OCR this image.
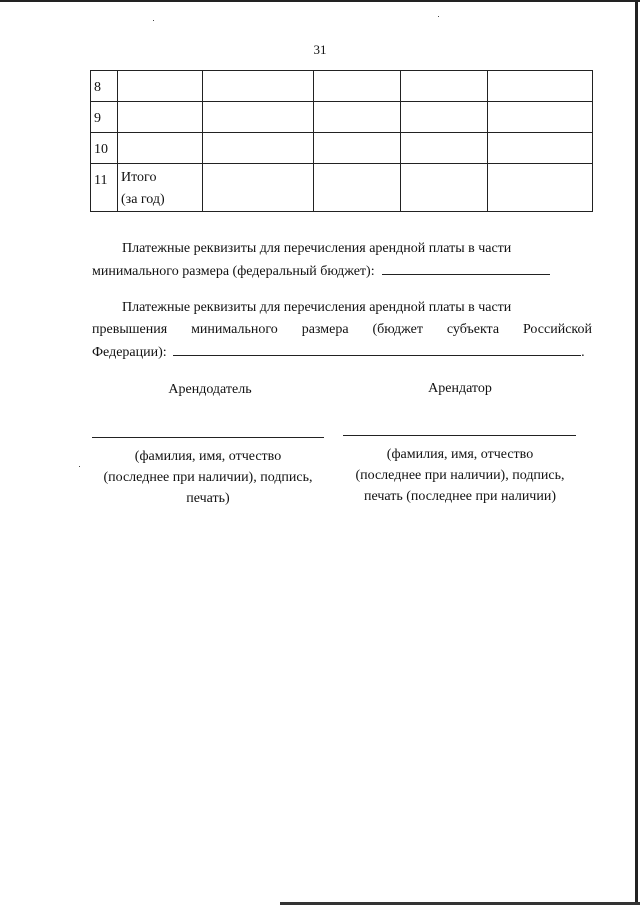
31
8					
9					
10					
11	Итого
(за год)				

Платежные реквизиты для перечисления арендной платы в части
минимального размера (федеральный бюджет):
Платежные реквизиты для перечисления арендной платы в части
превышения минимального размера (бюджет субъекта Российской
Федерации):	.
Арендодатель	Арендатор
(фамилия, имя, отчество
(последнее при наличии), подпись,
печать)
(фамилия, имя, отчество
(последнее при наличии), подпись,
печать (последнее при наличии)
